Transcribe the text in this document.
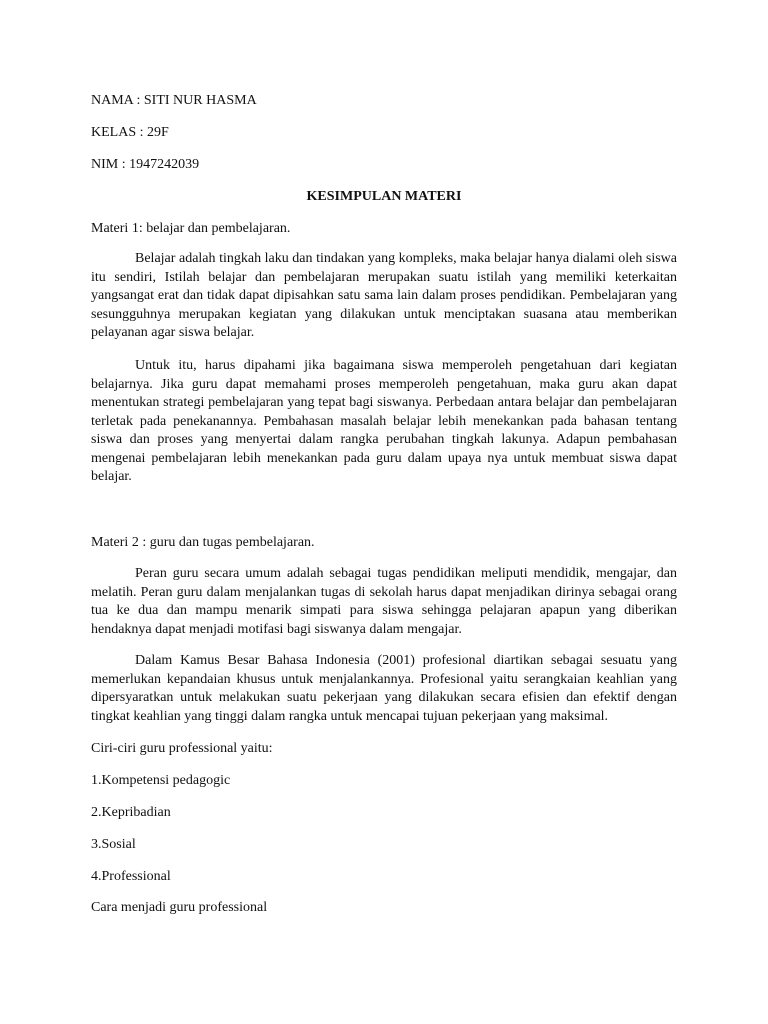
NAMA : SITI NUR HASMA
KELAS : 29F
NIM : 1947242039
KESIMPULAN MATERI
Materi 1: belajar dan pembelajaran.

Belajar adalah tingkah laku dan tindakan yang kompleks, maka belajar hanya dialami oleh siswa itu sendiri, Istilah belajar dan pembelajaran merupakan suatu istilah yang memiliki keterkaitan yangsangat erat dan tidak dapat dipisahkan satu sama lain dalam proses pendidikan. Pembelajaran yang sesungguhnya merupakan kegiatan yang dilakukan untuk menciptakan suasana atau memberikan pelayanan agar siswa belajar.

Untuk itu, harus dipahami jika bagaimana siswa memperoleh pengetahuan dari kegiatan belajarnya. Jika guru dapat memahami proses memperoleh pengetahuan, maka guru akan dapat menentukan strategi pembelajaran yang tepat bagi siswanya. Perbedaan antara belajar dan pembelajaran terletak pada penekanannya. Pembahasan masalah belajar lebih menekankan pada bahasan tentang siswa dan proses yang menyertai dalam rangka perubahan tingkah lakunya. Adapun pembahasan mengenai pembelajaran lebih menekankan pada guru dalam upaya nya untuk membuat siswa dapat belajar.

Materi 2 : guru dan tugas pembelajaran.

Peran guru secara umum adalah sebagai tugas pendidikan meliputi mendidik, mengajar, dan melatih. Peran guru dalam menjalankan tugas di sekolah harus dapat menjadikan dirinya sebagai orang tua ke dua dan mampu menarik simpati para siswa sehingga pelajaran apapun yang diberikan hendaknya dapat menjadi motifasi bagi siswanya dalam mengajar.

Dalam Kamus Besar Bahasa Indonesia (2001) profesional diartikan sebagai sesuatu yang memerlukan kepandaian khusus untuk menjalankannya. Profesional yaitu serangkaian keahlian yang dipersyaratkan untuk melakukan suatu pekerjaan yang dilakukan secara efisien dan efektif dengan tingkat keahlian yang tinggi dalam rangka untuk mencapai tujuan pekerjaan yang maksimal.

Ciri-ciri guru professional yaitu:
1.Kompetensi pedagogic
2.Kepribadian
3.Sosial
4.Professional
Cara menjadi guru professional
